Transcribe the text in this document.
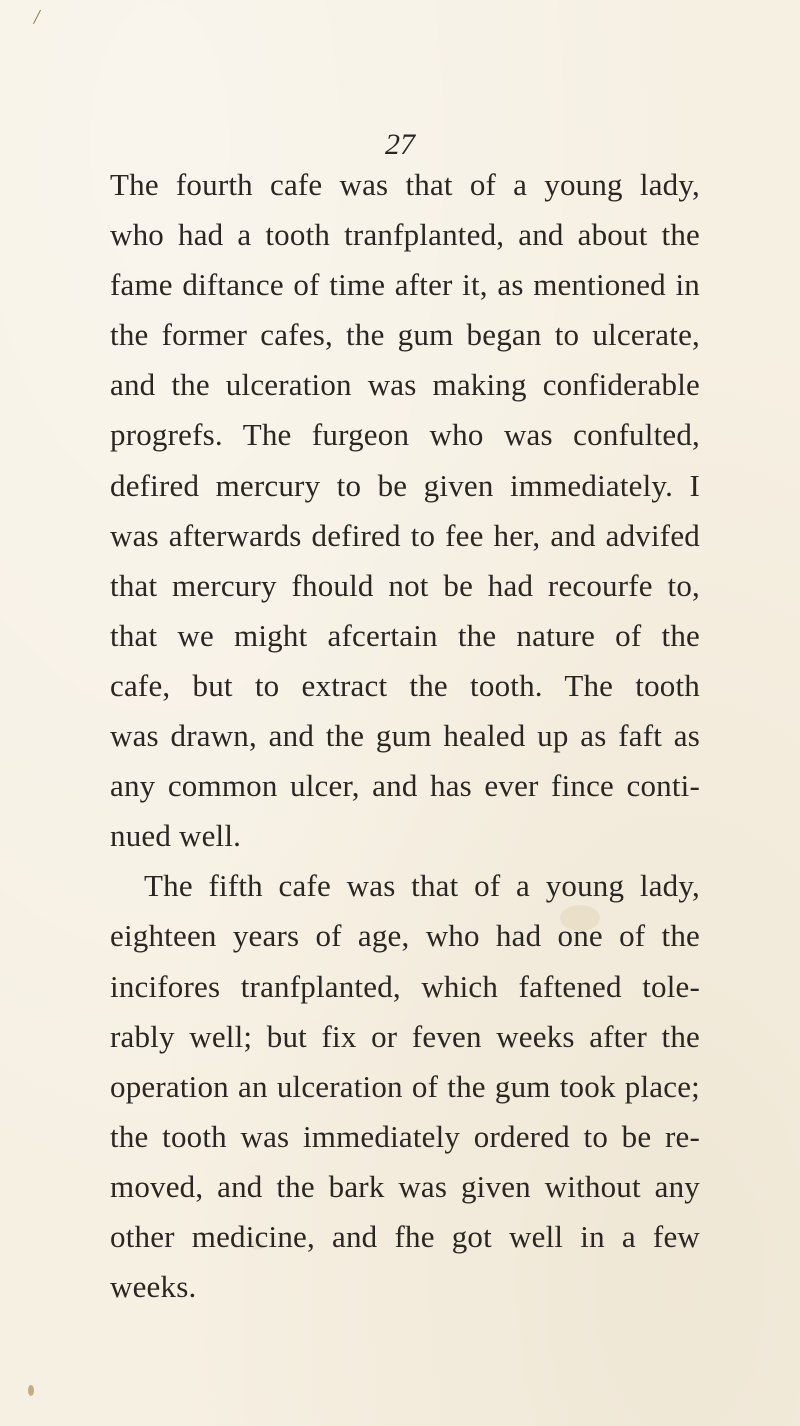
/
27
The fourth cafe was that of a young lady,
who had a tooth tranfplanted, and about the
fame diftance of time after it, as mentioned in
the former cafes, the gum began to ulcerate,
and the ulceration was making confiderable
progrefs. The furgeon who was confulted,
defired mercury to be given immediately. I
was afterwards defired to fee her, and advifed
that mercury fhould not be had recourfe to,
that we might afcertain the nature of the
cafe, but to extract the tooth. The tooth
was drawn, and the gum healed up as faft as
any common ulcer, and has ever fince conti-
nued well.
The fifth cafe was that of a young lady,
eighteen years of age, who had one of the
incifores tranfplanted, which faftened tole-
rably well; but fix or feven weeks after the
operation an ulceration of the gum took place;
the tooth was immediately ordered to be re-
moved, and the bark was given without any
other medicine, and fhe got well in a few
weeks.
